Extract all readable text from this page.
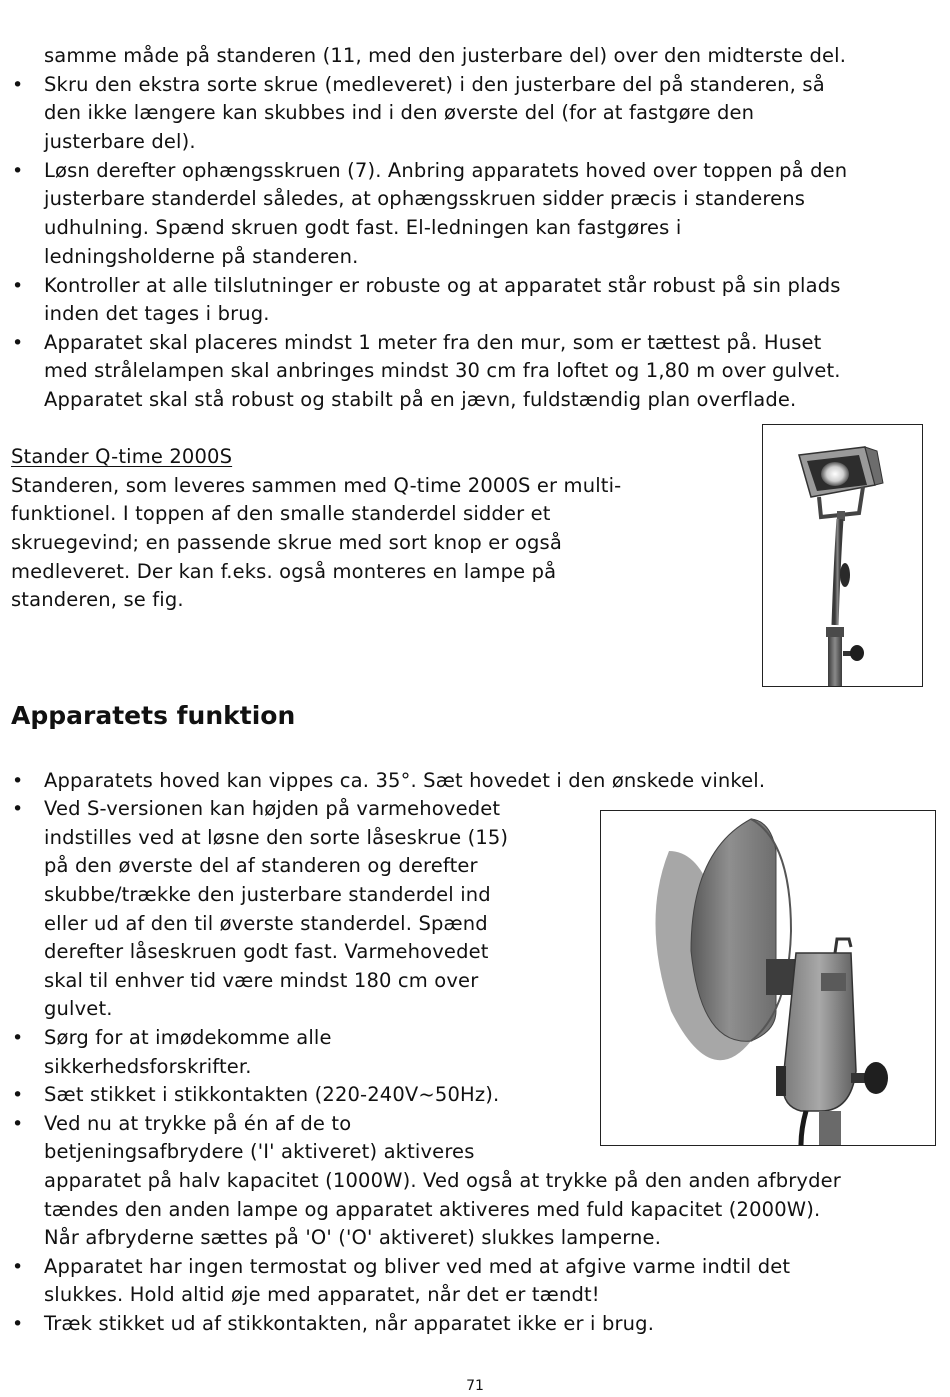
•
•
•
•
samme måde på standeren (11, med den justerbare del) over den midterste del.
Skru den ekstra sorte skrue (medleveret) i den justerbare del på standeren, så
den ikke længere kan skubbes ind i den øverste del (for at fastgøre den
justerbare del).
Løsn derefter ophængsskruen (7). Anbring apparatets hoved over toppen på den
justerbare standerdel således, at ophængsskruen sidder præcis i standerens
udhulning. Spænd skruen godt fast. El-ledningen kan fastgøres i
ledningsholderne på standeren.
Kontroller at alle tilslutninger er robuste og at apparatet står robust på sin plads
inden det tages i brug.
Apparatet skal placeres mindst 1 meter fra den mur, som er tættest på. Huset
med strålelampen skal anbringes mindst 30 cm fra loftet og 1,80 m over gulvet.
Apparatet skal stå robust og stabilt på en jævn, fuldstændig plan overflade.
Stander Q-time 2000S
Standeren, som leveres sammen med Q-time 2000S er multi-
funktionel. I toppen af den smalle standerdel sidder et
skruegevind; en passende skrue med sort knop er også
medleveret. Der kan f.eks. også monteres en lampe på
standeren, se fig.
Apparatets funktion
•
•
•
•
•
•
•
Apparatets hoved kan vippes ca. 35°. Sæt hovedet i den ønskede vinkel.
Ved S-versionen kan højden på varmehovedet
indstilles ved at løsne den sorte låseskrue (15)
på den øverste del af standeren og derefter
skubbe/trække den justerbare standerdel ind
eller ud af den til øverste standerdel. Spænd
derefter låseskruen godt fast. Varmehovedet
skal til enhver tid være mindst 180 cm over
gulvet.
Sørg for at imødekomme alle
sikkerhedsforskrifter.
Sæt stikket i stikkontakten (220-240V~50Hz).
Ved nu at trykke på én af de to
betjeningsafbrydere ('I' aktiveret) aktiveres
apparatet på halv kapacitet (1000W). Ved også at trykke på den anden afbryder
tændes den anden lampe og apparatet aktiveres med fuld kapacitet (2000W).
Når afbryderne sættes på 'O' ('O' aktiveret) slukkes lamperne.
Apparatet har ingen termostat og bliver ved med at afgive varme indtil det
slukkes. Hold altid øje med apparatet, når det er tændt!
Træk stikket ud af stikkontakten, når apparatet ikke er i brug.
71
